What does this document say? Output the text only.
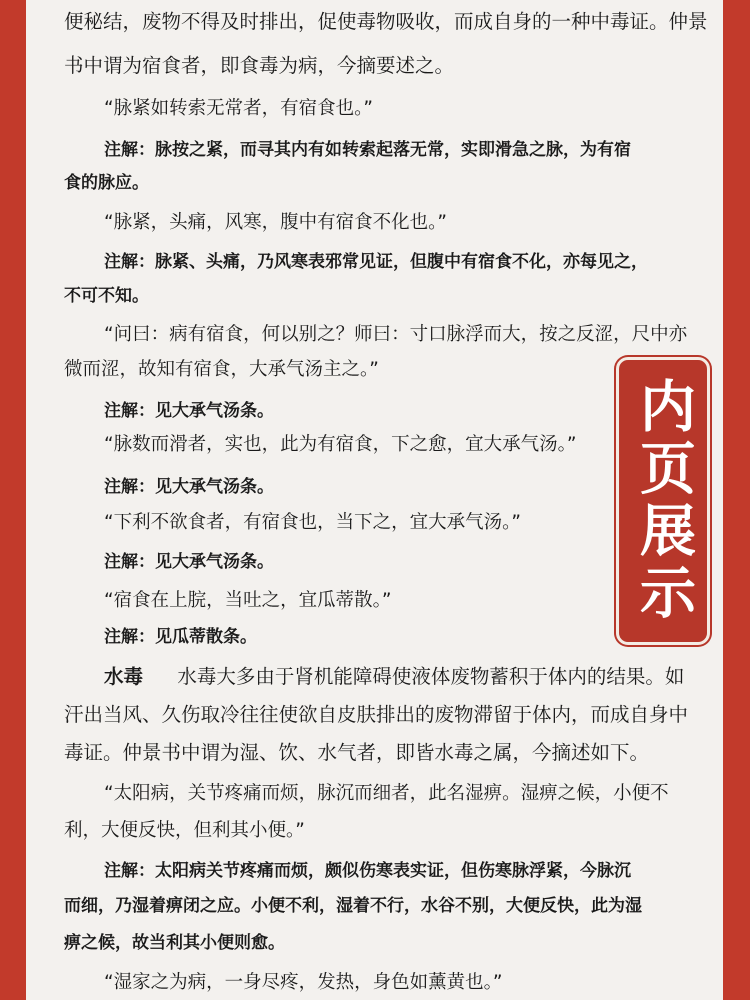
便秘结，废物不得及时排出，促使毒物吸收，而成自身的一种中毒证。仲景
书中谓为宿食者，即食毒为病，今摘要述之。
“脉紧如转索无常者，有宿食也。”
注解：脉按之紧，而寻其内有如转索起落无常，实即滑急之脉，为有宿
食的脉应。
“脉紧，头痛，风寒，腹中有宿食不化也。”
注解：脉紧、头痛，乃风寒表邪常见证，但腹中有宿食不化，亦每见之，
不可不知。
“问曰：病有宿食，何以别之？师曰：寸口脉浮而大，按之反涩，尺中亦
微而涩，故知有宿食，大承气汤主之。”
注解：见大承气汤条。
“脉数而滑者，实也，此为有宿食，下之愈，宜大承气汤。”
注解：见大承气汤条。
“下利不欲食者，有宿食也，当下之，宜大承气汤。”
注解：见大承气汤条。
“宿食在上脘，当吐之，宜瓜蒂散。”
注解：见瓜蒂散条。
水毒 水毒大多由于肾机能障碍使液体废物蓄积于体内的结果。如
汗出当风、久伤取冷往往使欲自皮肤排出的废物滞留于体内，而成自身中
毒证。仲景书中谓为湿、饮、水气者，即皆水毒之属，今摘述如下。
“太阳病，关节疼痛而烦，脉沉而细者，此名湿痹。湿痹之候，小便不
利，大便反快，但利其小便。”
注解：太阳病关节疼痛而烦，颇似伤寒表实证，但伤寒脉浮紧，今脉沉
而细，乃湿着痹闭之应。小便不利，湿着不行，水谷不别，大便反快，此为湿
痹之候，故当利其小便则愈。
“湿家之为病，一身尽疼，发热，身色如薰黄也。”
内页展示
